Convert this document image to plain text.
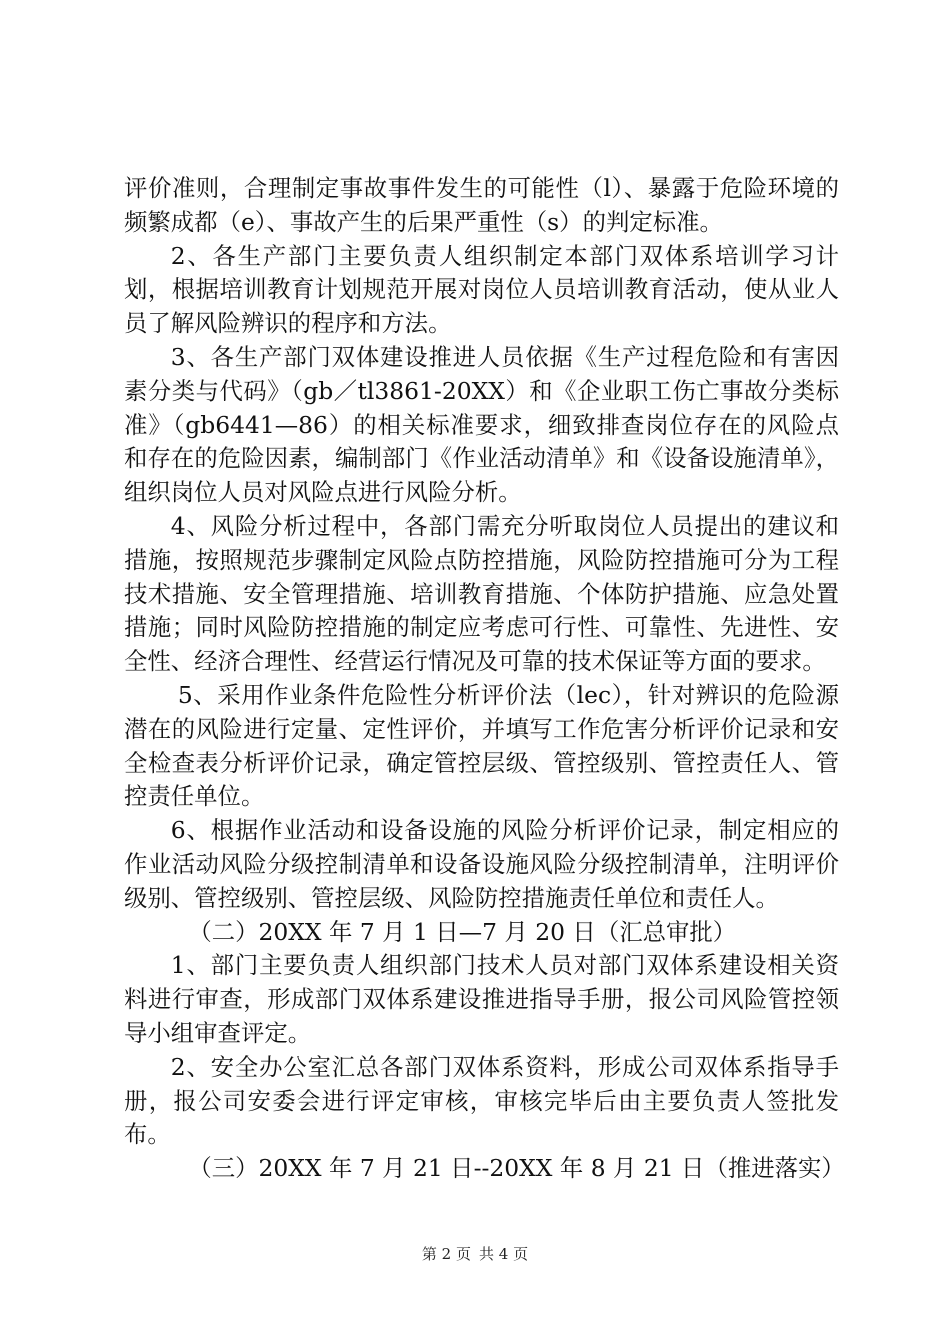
评价准则，合理制定事故事件发生的可能性（l）、暴露于危险环境的频繁成都（e）、事故产生的后果严重性（s）的判定标准。

2、各生产部门主要负责人组织制定本部门双体系培训学习计划，根据培训教育计划规范开展对岗位人员培训教育活动，使从业人员了解风险辨识的程序和方法。

3、各生产部门双体建设推进人员依据《生产过程危险和有害因素分类与代码》（gb／tl3861-20XX）和《企业职工伤亡事故分类标准》（gb6441—86）的相关标准要求，细致排查岗位存在的风险点和存在的危险因素，编制部门《作业活动清单》和《设备设施清单》，组织岗位人员对风险点进行风险分析。

4、风险分析过程中，各部门需充分听取岗位人员提出的建议和措施，按照规范步骤制定风险点防控措施，风险防控措施可分为工程技术措施、安全管理措施、培训教育措施、个体防护措施、应急处置措施；同时风险防控措施的制定应考虑可行性、可靠性、先进性、安全性、经济合理性、经营运行情况及可靠的技术保证等方面的要求。

5、采用作业条件危险性分析评价法（lec），针对辨识的危险源潜在的风险进行定量、定性评价，并填写工作危害分析评价记录和安全检查表分析评价记录，确定管控层级、管控级别、管控责任人、管控责任单位。

6、根据作业活动和设备设施的风险分析评价记录，制定相应的作业活动风险分级控制清单和设备设施风险分级控制清单，注明评价级别、管控级别、管控层级、风险防控措施责任单位和责任人。

（二）20XX 年 7 月 1 日—7 月 20 日（汇总审批）

1、部门主要负责人组织部门技术人员对部门双体系建设相关资料进行审查，形成部门双体系建设推进指导手册，报公司风险管控领导小组审查评定。

2、安全办公室汇总各部门双体系资料，形成公司双体系指导手册，报公司安委会进行评定审核，审核完毕后由主要负责人签批发布。

（三）20XX 年 7 月 21 日--20XX 年 8 月 21 日（推进落实）

第 2 页 共 4 页
